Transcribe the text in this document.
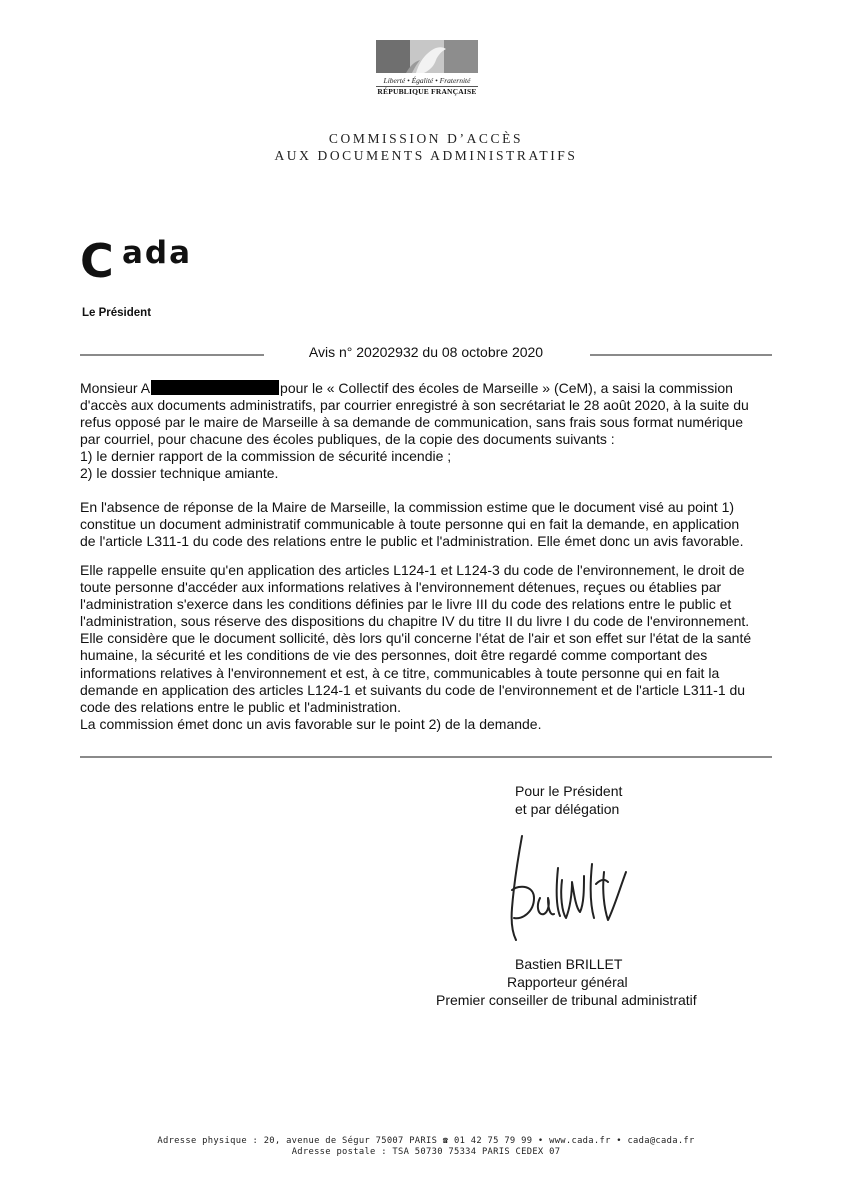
Liberté • Égalité • Fraternité
RÉPUBLIQUE FRANÇAISE
COMMISSION D’ACCÈS
AUX DOCUMENTS ADMINISTRATIFS
C ada
Le Président
Avis n° 20202932 du 08 octobre 2020
Monsieur A	pour le « Collectif des écoles de Marseille » (CeM), a saisi la commission
d'accès aux documents administratifs, par courrier enregistré à son secrétariat le 28 août 2020, à la suite du
refus opposé par le maire de Marseille à sa demande de communication, sans frais sous format numérique
par courriel, pour chacune des écoles publiques, de la copie des documents suivants :
1) le dernier rapport de la commission de sécurité incendie ;
2) le dossier technique amiante.
En l'absence de réponse de la Maire de Marseille, la commission estime que le document visé au point 1)
constitue un document administratif communicable à toute personne qui en fait la demande, en application
de l'article L311-1 du code des relations entre le public et l'administration. Elle émet donc un avis favorable.
Elle rappelle ensuite qu'en application des articles L124-1 et L124-3 du code de l'environnement, le droit de
toute personne d'accéder aux informations relatives à l'environnement détenues, reçues ou établies par
l'administration s'exerce dans les conditions définies par le livre III du code des relations entre le public et
l'administration, sous réserve des dispositions du chapitre IV du titre II du livre I du code de l'environnement.
Elle considère que le document sollicité, dès lors qu'il concerne l'état de l'air et son effet sur l'état de la santé
humaine, la sécurité et les conditions de vie des personnes, doit être regardé comme comportant des
informations relatives à l'environnement et est, à ce titre, communicables à toute personne qui en fait la
demande en application des articles L124-1 et suivants du code de l'environnement et de l'article L311-1 du
code des relations entre le public et l'administration.
La commission émet donc un avis favorable sur le point 2) de la demande.
Pour le Président
et par délégation
Bastien BRILLET
Rapporteur général
Premier conseiller de tribunal administratif
Adresse physique : 20, avenue de Ségur 75007 PARIS ☎ 01 42 75 79 99 • www.cada.fr • cada@cada.fr
Adresse postale : TSA 50730 75334 PARIS CEDEX 07
